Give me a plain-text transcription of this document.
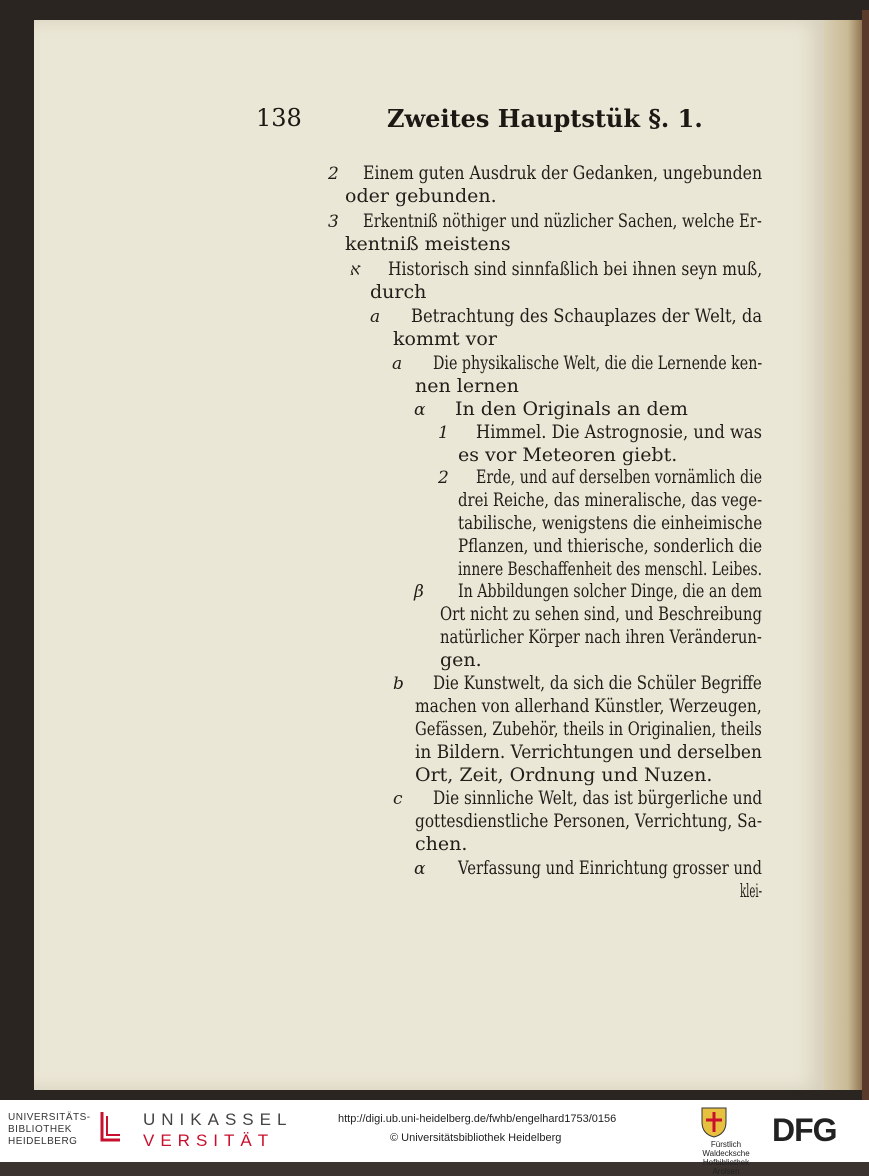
138	Zweites Hauptstük §. 1.
2 Einem guten Ausdruk der Gedanken, ungebunden
oder gebunden.
3 Erkentniß nöthiger und nüzlicher Sachen, welche Er-
kentniß meistens
א Historisch sind sinnfaßlich bei ihnen seyn muß,
durch
a Betrachtung des Schauplazes der Welt, da
kommt vor
a Die physikalische Welt, die die Lernende ken-
nen lernen
α In den Originals an dem
1 Himmel. Die Astrognosie, und was
es vor Meteoren giebt.
2 Erde, und auf derselben vornämlich die
drei Reiche, das mineralische, das vege-
tabilische, wenigstens die einheimische
Pflanzen, und thierische, sonderlich die
innere Beschaffenheit des menschl. Leibes.
β In Abbildungen solcher Dinge, die an dem
Ort nicht zu sehen sind, und Beschreibung
natürlicher Körper nach ihren Veränderun-
gen.
b Die Kunstwelt, da sich die Schüler Begriffe
machen von allerhand Künstler, Werzeugen,
Gefässen, Zubehör, theils in Originalien, theils
in Bildern. Verrichtungen und derselben
Ort, Zeit, Ordnung und Nuzen.
c Die sinnliche Welt, das ist bürgerliche und
gottesdienstliche Personen, Verrichtung, Sa-
chen.
α Verfassung und Einrichtung grosser und
klei-
UNIVERSITÄTS-
BIBLIOTHEK
HEIDELBERG
UNIKASSEL
VERSITÄT
http://digi.ub.uni-heidelberg.de/fwhb/engelhard1753/0156
© Universitätsbibliothek Heidelberg
Fürstlich Waldecksche
Hofbibliothek Arolsen
DFG
